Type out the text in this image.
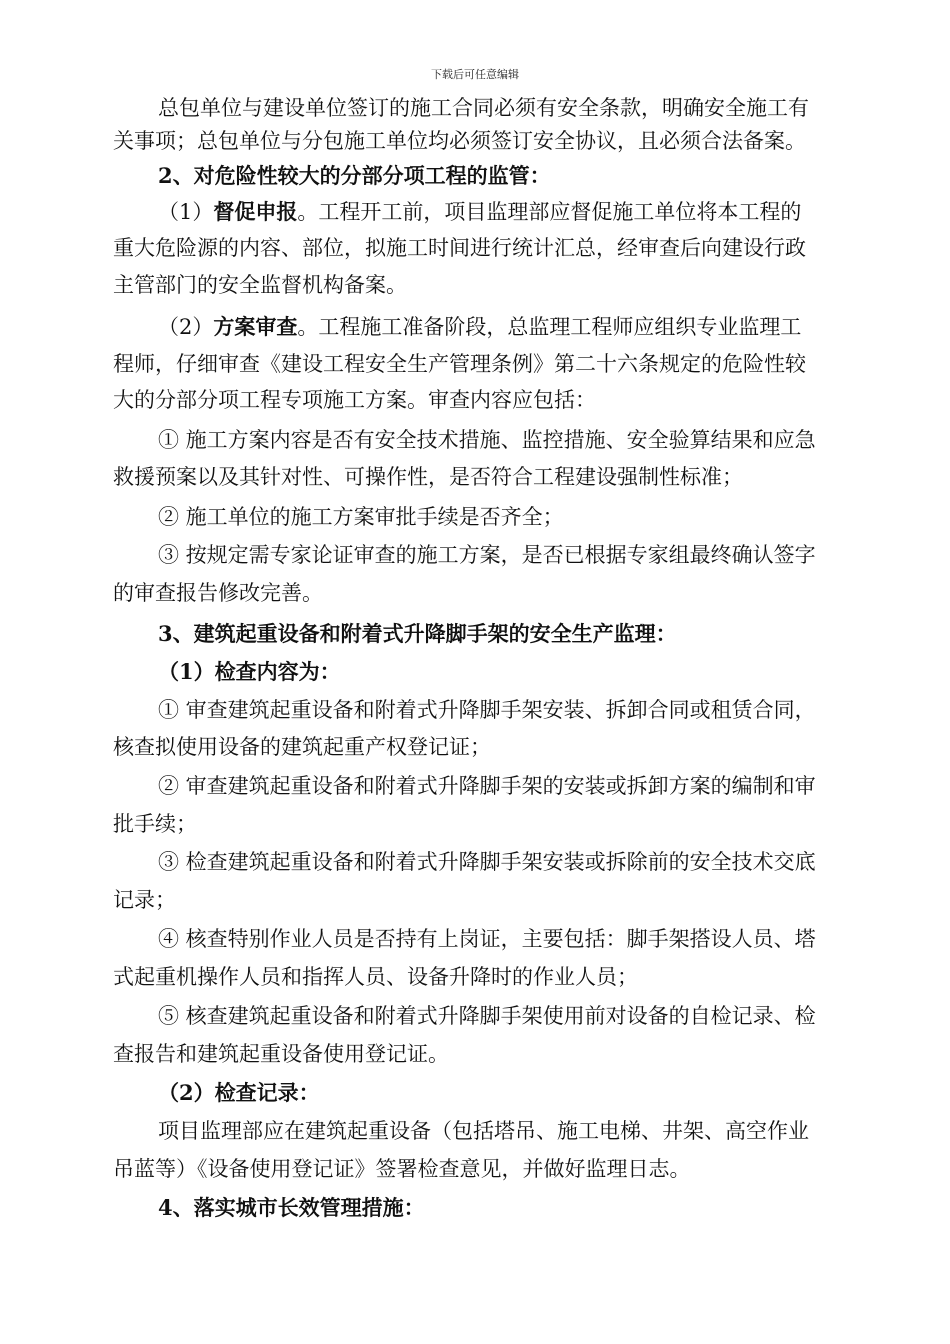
下载后可任意编辑
总包单位与建设单位签订的施工合同必须有安全条款，明确安全施工有
关事项；总包单位与分包施工单位均必须签订安全协议，且必须合法备案。
2、对危险性较大的分部分项工程的监管：
（1）督促申报。工程开工前，项目监理部应督促施工单位将本工程的
重大危险源的内容、部位，拟施工时间进行统计汇总，经审查后向建设行政
主管部门的安全监督机构备案。
（2）方案审查。工程施工准备阶段，总监理工程师应组织专业监理工
程师，仔细审查《建设工程安全生产管理条例》第二十六条规定的危险性较
大的分部分项工程专项施工方案。审查内容应包括：
① 施工方案内容是否有安全技术措施、监控措施、安全验算结果和应急
救援预案以及其针对性、可操作性，是否符合工程建设强制性标准；
② 施工单位的施工方案审批手续是否齐全；
③ 按规定需专家论证审查的施工方案，是否已根据专家组最终确认签字
的审查报告修改完善。
3、建筑起重设备和附着式升降脚手架的安全生产监理：
（1）检查内容为：
① 审查建筑起重设备和附着式升降脚手架安装、拆卸合同或租赁合同，
核查拟使用设备的建筑起重产权登记证；
② 审查建筑起重设备和附着式升降脚手架的安装或拆卸方案的编制和审
批手续；
③ 检查建筑起重设备和附着式升降脚手架安装或拆除前的安全技术交底
记录；
④ 核查特别作业人员是否持有上岗证，主要包括：脚手架搭设人员、塔
式起重机操作人员和指挥人员、设备升降时的作业人员；
⑤ 核查建筑起重设备和附着式升降脚手架使用前对设备的自检记录、检
查报告和建筑起重设备使用登记证。
（2）检查记录：
项目监理部应在建筑起重设备（包括塔吊、施工电梯、井架、高空作业
吊蓝等）《设备使用登记证》签署检查意见，并做好监理日志。
4、落实城市长效管理措施：
